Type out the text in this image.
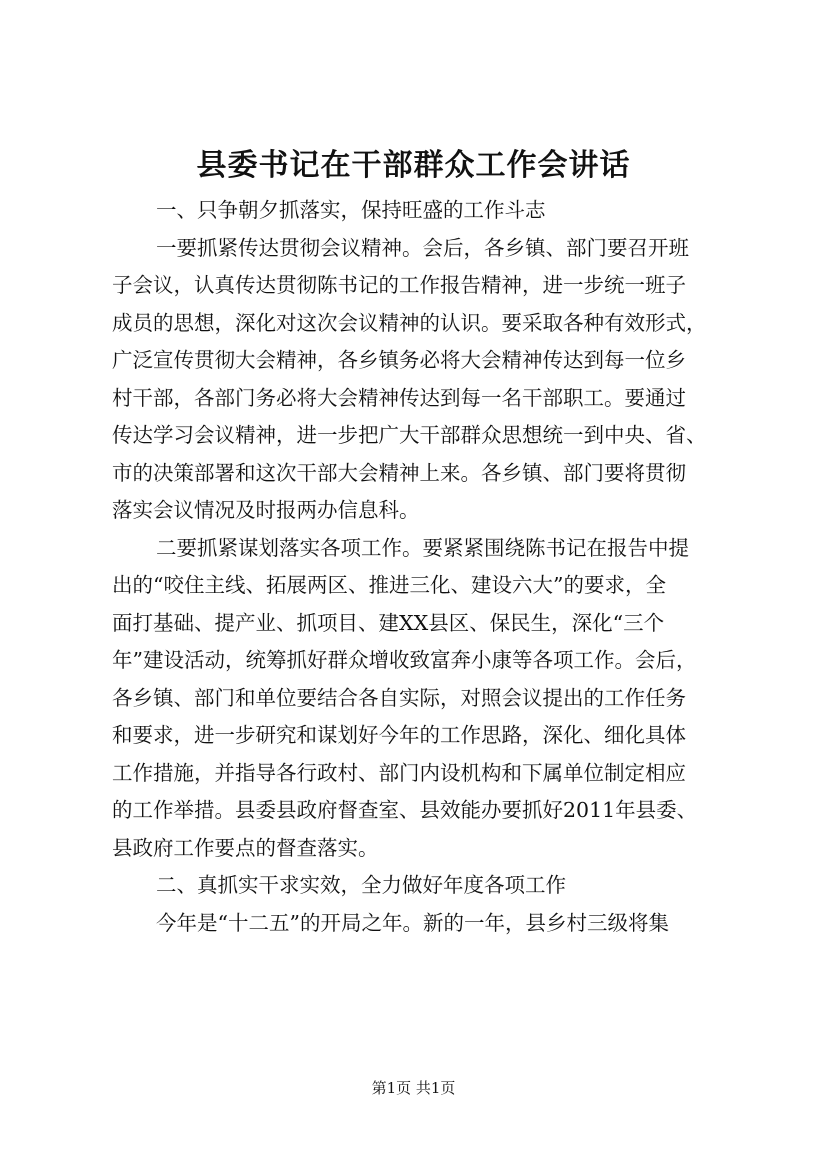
县委书记在干部群众工作会讲话
一、只争朝夕抓落实，保持旺盛的工作斗志
一要抓紧传达贯彻会议精神。会后，各乡镇、部门要召开班
子会议，认真传达贯彻陈书记的工作报告精神，进一步统一班子
成员的思想，深化对这次会议精神的认识。要采取各种有效形式，
广泛宣传贯彻大会精神，各乡镇务必将大会精神传达到每一位乡
村干部，各部门务必将大会精神传达到每一名干部职工。要通过
传达学习会议精神，进一步把广大干部群众思想统一到中央、省、
市的决策部署和这次干部大会精神上来。各乡镇、部门要将贯彻
落实会议情况及时报两办信息科。
二要抓紧谋划落实各项工作。要紧紧围绕陈书记在报告中提
出的“咬住主线、拓展两区、推进三化、建设六大”的要求，全
面打基础、提产业、抓项目、建XX县区、保民生，深化“三个
年”建设活动，统筹抓好群众增收致富奔小康等各项工作。会后，
各乡镇、部门和单位要结合各自实际，对照会议提出的工作任务
和要求，进一步研究和谋划好今年的工作思路，深化、细化具体
工作措施，并指导各行政村、部门内设机构和下属单位制定相应
的工作举措。县委县政府督查室、县效能办要抓好2011年县委、
县政府工作要点的督查落实。
二、真抓实干求实效，全力做好年度各项工作
今年是“十二五”的开局之年。新的一年，县乡村三级将集
第1页 共1页
